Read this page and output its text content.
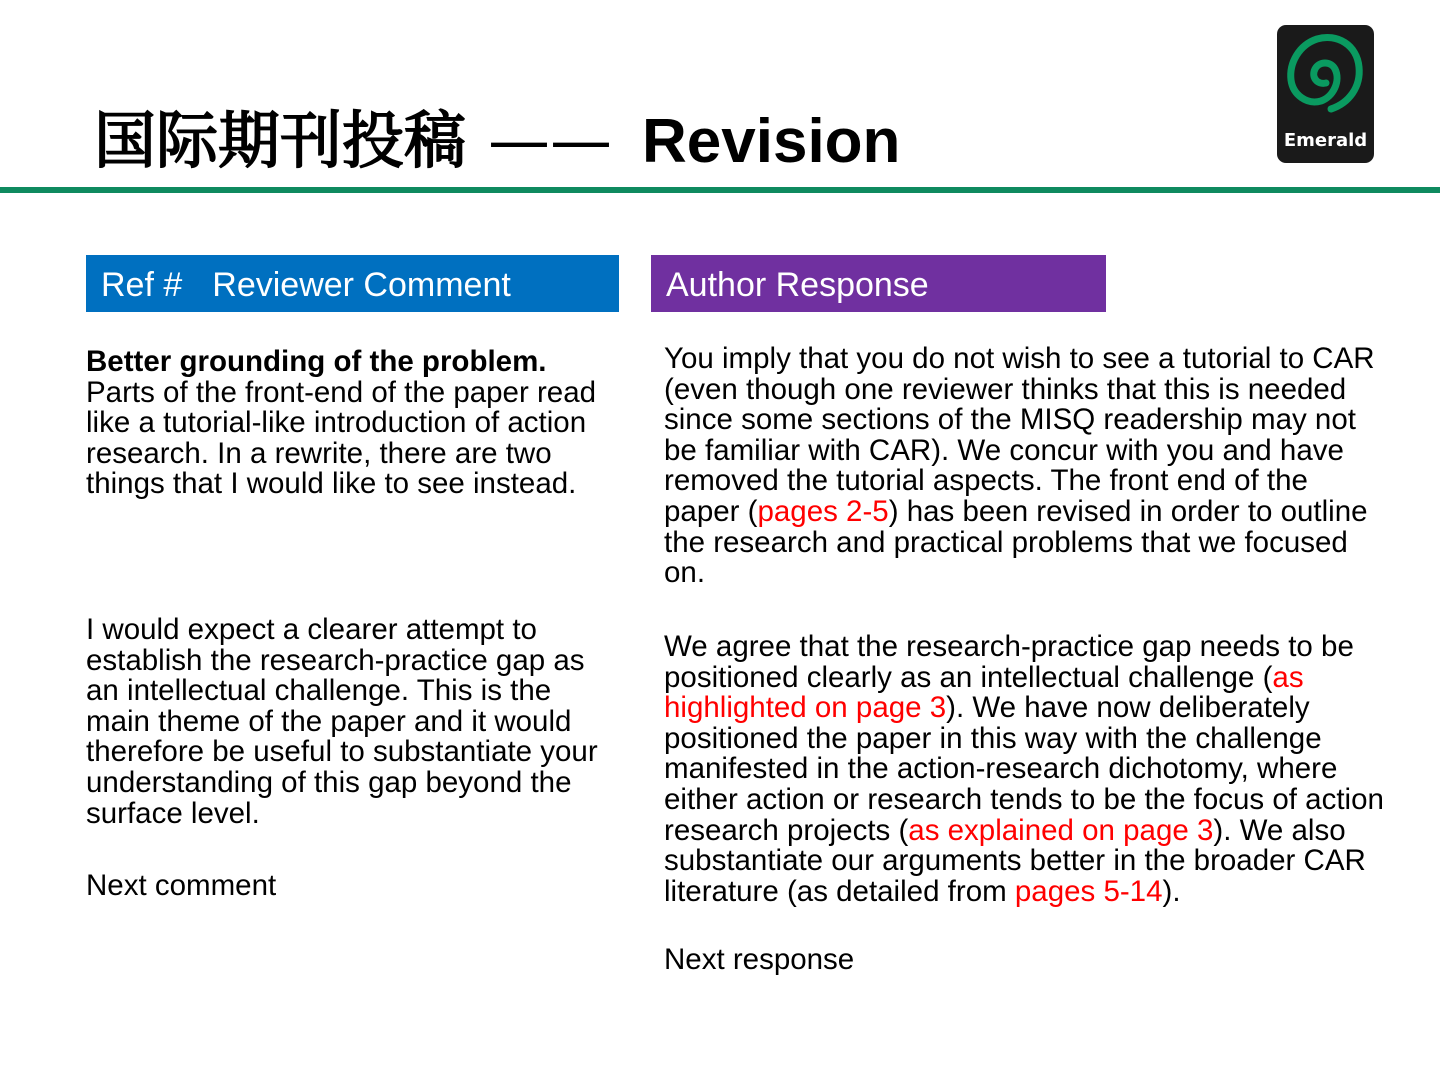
国际期刊投稿 —— Revision	Emerald
Ref # Reviewer Comment	Author Response

Better grounding of the problem.
Parts of the front-end of the paper read like a tutorial-like introduction of action research. In a rewrite, there are two things that I would like to see instead.

I would expect a clearer attempt to establish the research-practice gap as an intellectual challenge. This is the main theme of the paper and it would therefore be useful to substantiate your understanding of this gap beyond the surface level.

Next comment

You imply that you do not wish to see a tutorial to CAR (even though one reviewer thinks that this is needed since some sections of the MISQ readership may not be familiar with CAR). We concur with you and have removed the tutorial aspects. The front end of the paper (pages 2-5) has been revised in order to outline the research and practical problems that we focused on.

We agree that the research-practice gap needs to be positioned clearly as an intellectual challenge (as highlighted on page 3). We have now deliberately positioned the paper in this way with the challenge manifested in the action-research dichotomy, where either action or research tends to be the focus of action research projects (as explained on page 3). We also substantiate our arguments better in the broader CAR literature (as detailed from pages 5-14).

Next response
